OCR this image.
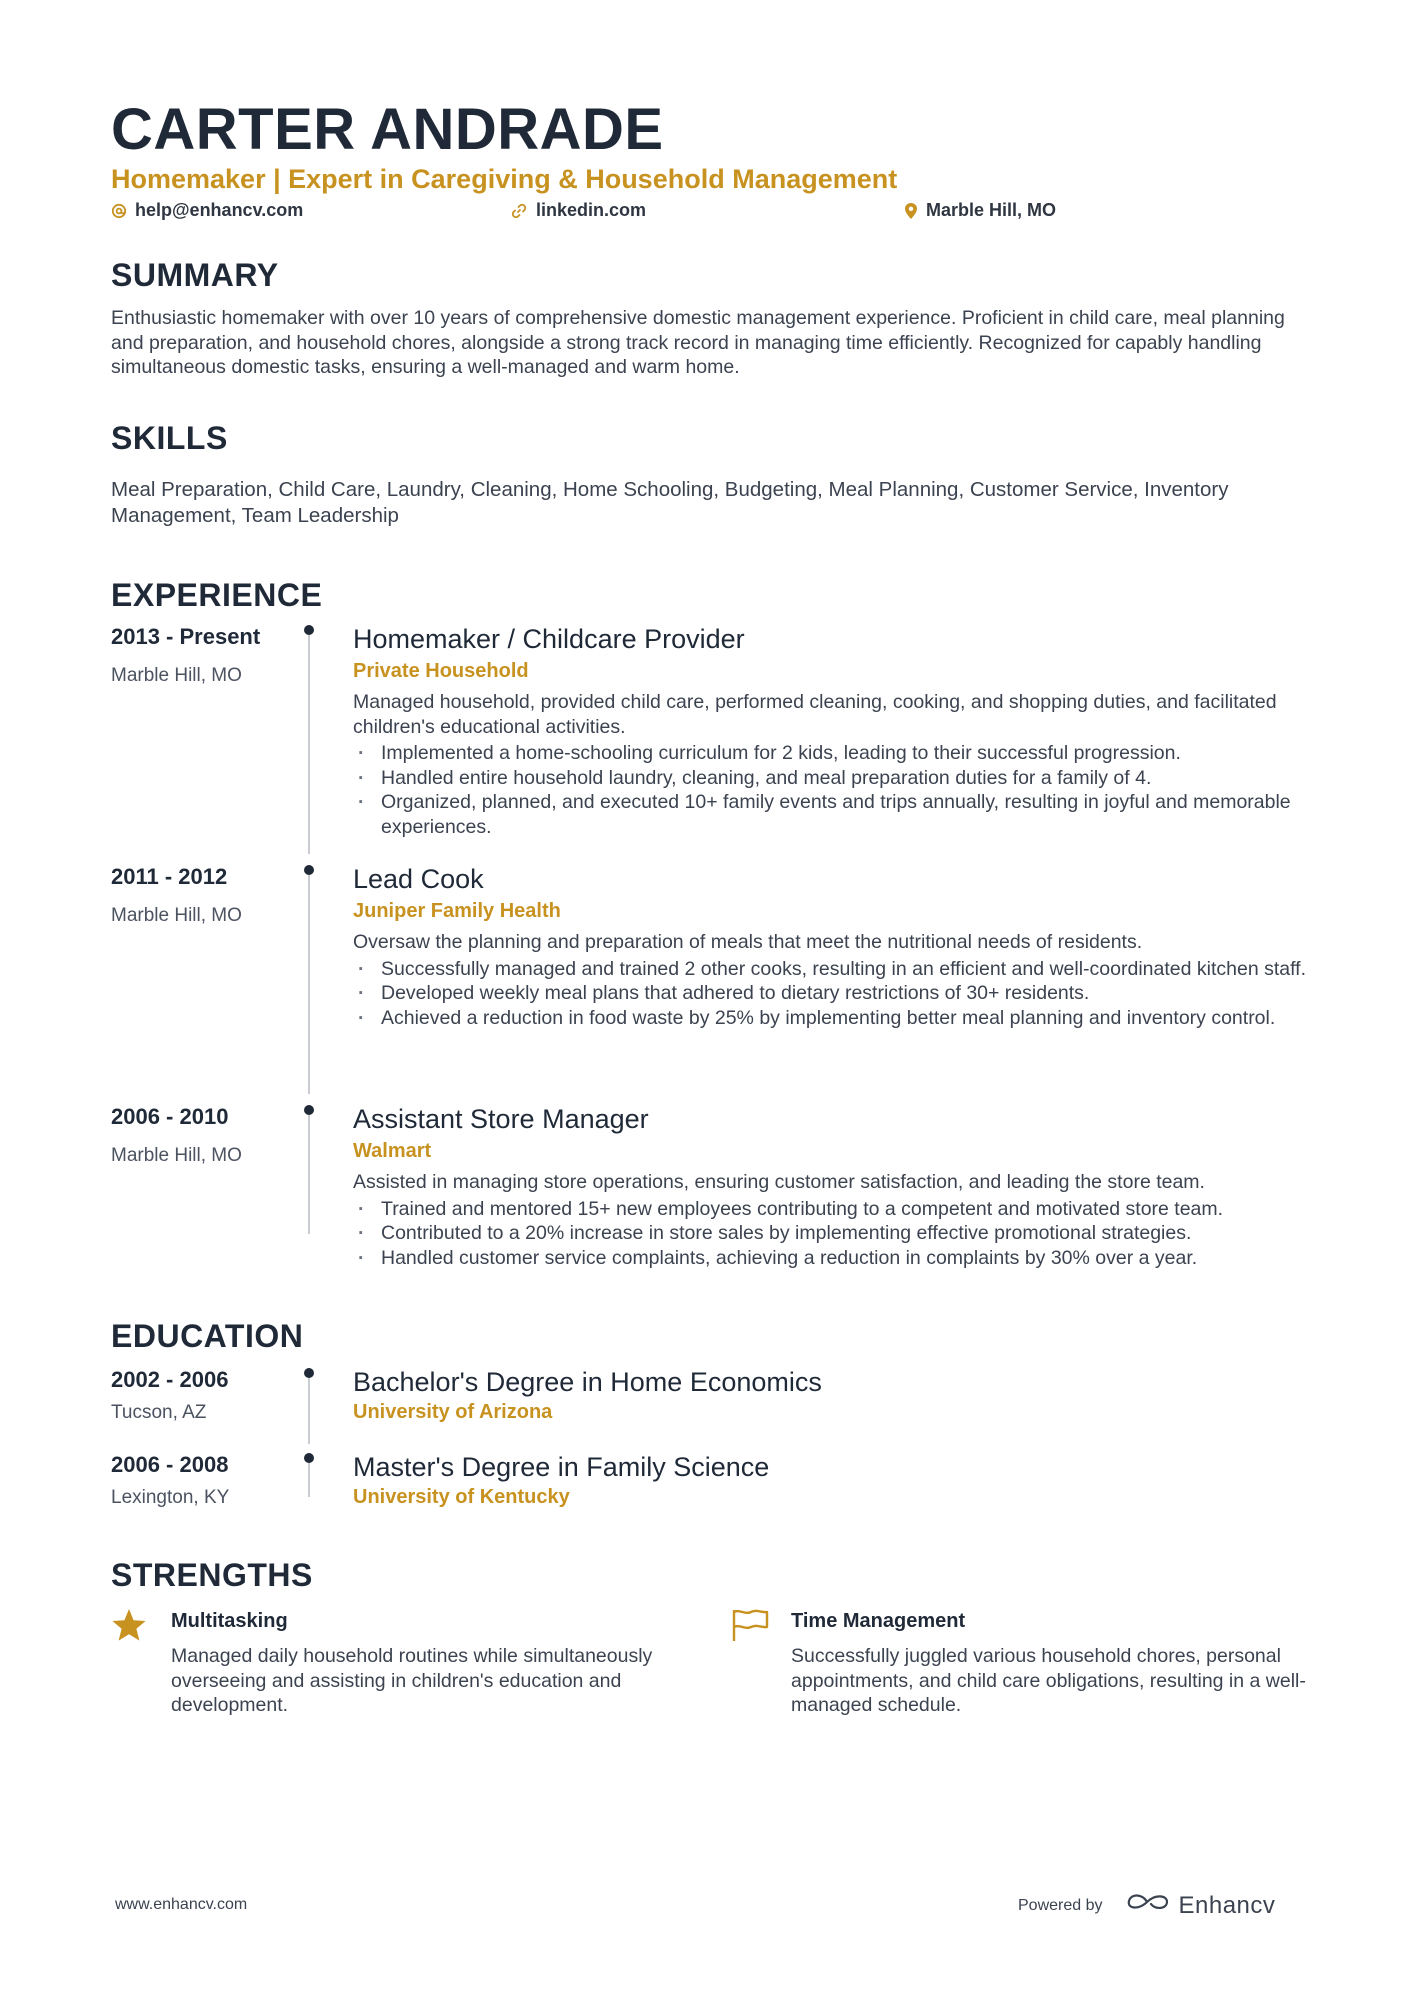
CARTER ANDRADE
Homemaker | Expert in Caregiving & Household Management
help@enhancv.com	linkedin.com	Marble Hill, MO
SUMMARY
Enthusiastic homemaker with over 10 years of comprehensive domestic management experience. Proficient in child care, meal planning and preparation, and household chores, alongside a strong track record in managing time efficiently. Recognized for capably handling simultaneous domestic tasks, ensuring a well-managed and warm home.
SKILLS
Meal Preparation, Child Care, Laundry, Cleaning, Home Schooling, Budgeting, Meal Planning, Customer Service, Inventory Management, Team Leadership
EXPERIENCE
2013 - Present
Marble Hill, MO
Homemaker / Childcare Provider
Private Household
Managed household, provided child care, performed cleaning, cooking, and shopping duties, and facilitated children's educational activities.
· Implemented a home-schooling curriculum for 2 kids, leading to their successful progression.
· Handled entire household laundry, cleaning, and meal preparation duties for a family of 4.
· Organized, planned, and executed 10+ family events and trips annually, resulting in joyful and memorable experiences.
2011 - 2012
Marble Hill, MO
Lead Cook
Juniper Family Health
Oversaw the planning and preparation of meals that meet the nutritional needs of residents.
· Successfully managed and trained 2 other cooks, resulting in an efficient and well-coordinated kitchen staff.
· Developed weekly meal plans that adhered to dietary restrictions of 30+ residents.
· Achieved a reduction in food waste by 25% by implementing better meal planning and inventory control.
2006 - 2010
Marble Hill, MO
Assistant Store Manager
Walmart
Assisted in managing store operations, ensuring customer satisfaction, and leading the store team.
· Trained and mentored 15+ new employees contributing to a competent and motivated store team.
· Contributed to a 20% increase in store sales by implementing effective promotional strategies.
· Handled customer service complaints, achieving a reduction in complaints by 30% over a year.
EDUCATION
2002 - 2006
Tucson, AZ
Bachelor's Degree in Home Economics
University of Arizona
2006 - 2008
Lexington, KY
Master's Degree in Family Science
University of Kentucky
STRENGTHS
Multitasking
Managed daily household routines while simultaneously overseeing and assisting in children's education and development.
Time Management
Successfully juggled various household chores, personal appointments, and child care obligations, resulting in a well-managed schedule.
www.enhancv.com	Powered by	Enhancv
